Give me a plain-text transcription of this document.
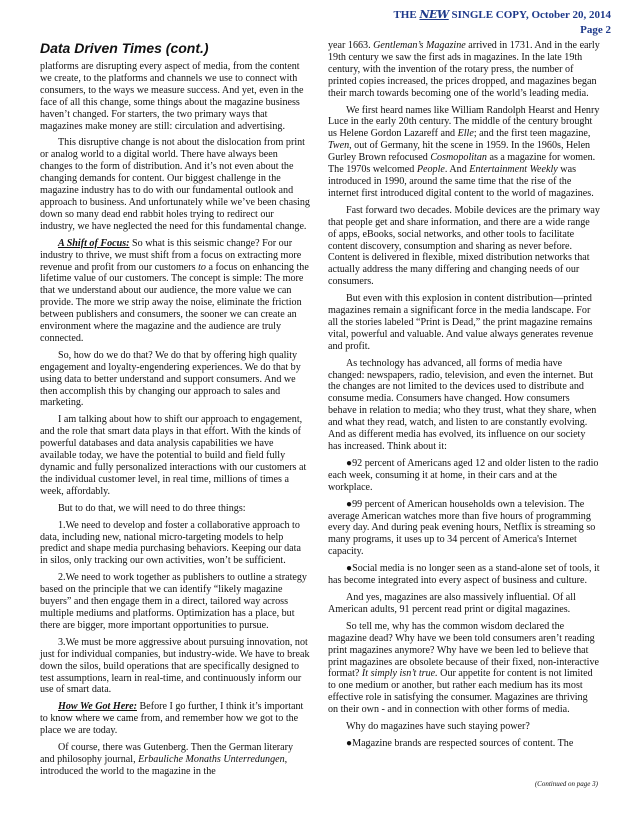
THE NEW SINGLE COPY, October 20, 2014
Page 2
Data Driven Times (cont.)

platforms are disrupting every aspect of media, from the content we create, to the platforms and channels we use to connect with consumers, to the ways we measure success. And yet, even in the face of all this change, some things about the magazine business haven’t changed. For starters, the two primary ways that magazines make money are still: circulation and advertising.

This disruptive change is not about the dislocation from print or analog world to a digital world. There have always been changes to the form of distribution. And it’s not even about the changing demands for content. Our biggest challenge in the magazine industry has to do with our fundamental outlook and approach to business. And unfortunately while we’ve been chasing down so many dead end rabbit holes trying to redirect our industry, we have neglected the need for this fundamental change.

A Shift of Focus: So what is this seismic change? For our industry to thrive, we must shift from a focus on extracting more revenue and profit from our customers to a focus on enhancing the lifetime value of our customers. The concept is simple: The more that we understand about our audience, the more value we can provide. The more we strip away the noise, eliminate the friction between publishers and consumers, the sooner we can create an environment where the magazine and the audience are truly connected.

So, how do we do that? We do that by offering high quality engagement and loyalty-engendering experiences. We do that by using data to better understand and support consumers. And we then accomplish this by changing our approach to sales and marketing.

I am talking about how to shift our approach to engagement, and the role that smart data plays in that effort. With the kinds of powerful databases and data analysis capabilities we have available today, we have the potential to build and field fully dynamic and fully personalized interactions with our customers at the individual customer level, in real time, millions of times a week, affordably.

But to do that, we will need to do three things:

1.We need to develop and foster a collaborative approach to data, including new, national micro-targeting models to help predict and shape media purchasing behaviors. Keeping our data in silos, only tracking our own activities, won’t be sufficient.

2.We need to work together as publishers to outline a strategy based on the principle that we can identify “likely magazine buyers” and then engage them in a direct, tailored way across multiple mediums and platforms. Optimization has a place, but there are bigger, more important opportunities to pursue.

3.We must be more aggressive about pursuing innovation, not just for individual companies, but industry-wide. We have to break down the silos, build operations that are specifically designed to test assumptions, learn in real-time, and continuously inform our use of smart data.

How We Got Here: Before I go further, I think it’s important to know where we came from, and remember how we got to the place we are today.

Of course, there was Gutenberg. Then the German literary and philosophy journal, Erbauliche Monaths Unterredungen, introduced the world to the magazine in the

year 1663. Gentleman’s Magazine arrived in 1731. And in the early 19th century we saw the first ads in magazines. In the late 19th century, with the invention of the rotary press, the number of printed copies increased, the prices dropped, and magazines began their march towards becoming one of the world’s leading media.

We first heard names like William Randolph Hearst and Henry Luce in the early 20th century. The middle of the century brought us Helene Gordon Lazareff and Elle; and the first teen magazine, Twen, out of Germany, hit the scene in 1959. In the 1960s, Helen Gurley Brown refocused Cosmopolitan as a magazine for women. The 1970s welcomed People. And Entertainment Weekly was introduced in 1990, around the same time that the rise of the internet first introduced digital content to the world of magazines.

Fast forward two decades. Mobile devices are the primary way that people get and share information, and there are a wide range of apps, eBooks, social networks, and other tools to facilitate content discovery, consumption and sharing as never before. Content is delivered in flexible, mixed distribution networks that actually address the many differing and changing needs of our consumers.

But even with this explosion in content distribution—printed magazines remain a significant force in the media landscape. For all the stories labeled “Print is Dead,” the print magazine remains vital, powerful and valuable. And value always generates revenue and profit.

As technology has advanced, all forms of media have changed: newspapers, radio, television, and even the internet. But the changes are not limited to the devices used to distribute and consume media. Consumers have changed. How consumers behave in relation to media; who they trust, what they share, when and what they read, watch, and listen to are constantly evolving. And as different media has evolved, its influence on our society has increased. Think about it:

●92 percent of Americans aged 12 and older listen to the radio each week, consuming it at home, in their cars and at the workplace.

●99 percent of American households own a television. The average American watches more than five hours of programming every day. And during peak evening hours, Netflix is streaming so many programs, it uses up to 34 percent of America's Internet capacity.

●Social media is no longer seen as a stand-alone set of tools, it has become integrated into every aspect of business and culture.

And yes, magazines are also massively influential. Of all American adults, 91 percent read print or digital magazines.

So tell me, why has the common wisdom declared the magazine dead? Why have we been told consumers aren’t reading print magazines anymore? Why have we been led to believe that print magazines are obsolete because of their fixed, non-interactive format? It simply isn’t true. Our appetite for content is not limited to one medium or another, but rather each medium has its most effective role in satisfying the consumer. Magazines are thriving on their own - and in connection with other forms of media.

Why do magazines have such staying power?

●Magazine brands are respected sources of content. The

(Continued on page 3)
